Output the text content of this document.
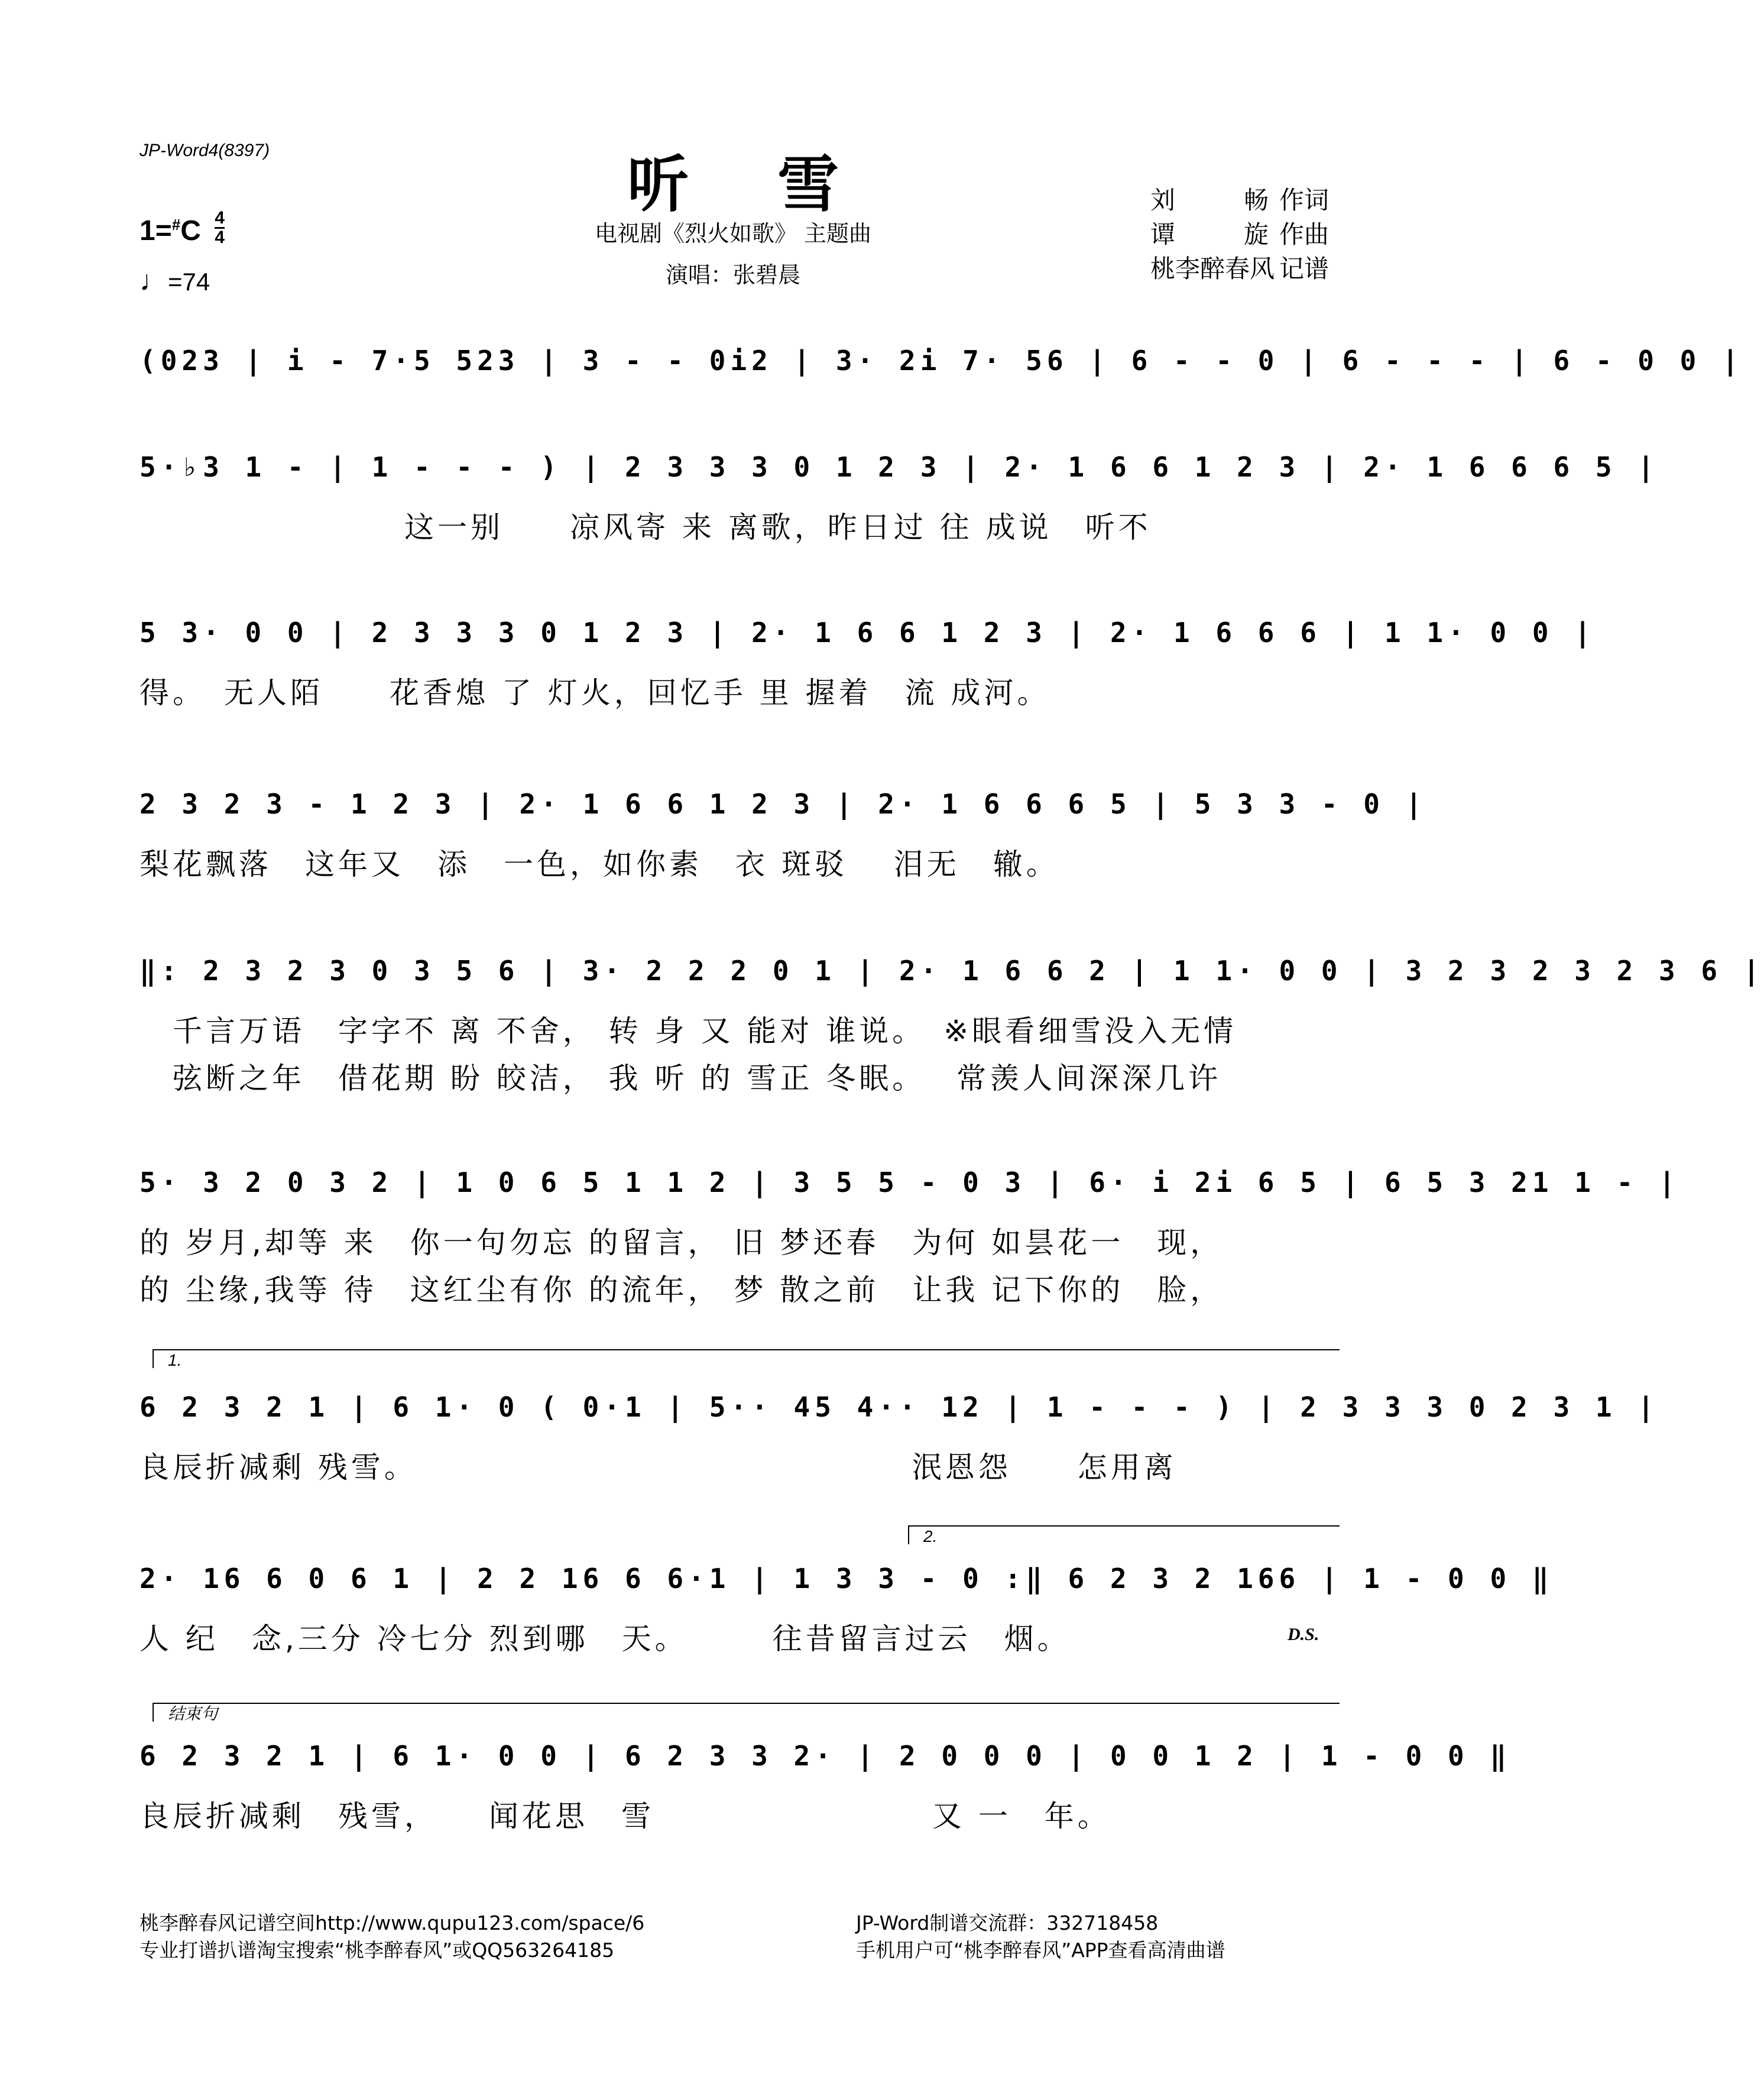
JP-Word4(8397)	听雪
电视剧《烈火如歌》 主题曲
演唱：张碧晨
刘畅 作词
谭旋 作曲
桃李醉春风 记谱
$1=^{\#}C \frac{4}{4}$
♩=74
(023 | i - 7·5 523 | 3 - - 0i2 | 3· 2i 7· 56 | 6 - - 0 | 6 - - - | 6 - 0 0 |
5·♭3 1 - | 1 - - - ) | 2 3 3 3 0 1 2 3 | 2· 1 6 6 1 2 3 | 2· 1 6 6 6 5 |
　　　　　　　　这一别　　凉风寄 来 离歌，昨日过 往 成说　听不
5 3· 0 0 | 2 3 3 3 0 1 2 3 | 2· 1 6 6 1 2 3 | 2· 1 6 6 6 | 1 1· 0 0 |
得。　无人陌　　花香熄 了 灯火，回忆手 里 握着　流 成河。
2 3 2 3 - 1 2 3 | 2· 1 6 6 1 2 3 | 2· 1 6 6 6 5 | 5 3 3 - 0 |
梨花飘落　这年又　添　一色，如你素　衣 斑驳　 泪无　辙。
‖: 2 3 2 3 0 3 5 6 | 3· 2 2 2 0 1 | 2· 1 6 6 2 | 1 1· 0 0 | 3 2 3 2 3 2 3 6 |
　千言万语　字字不 离 不舍， 转 身 又 能对 谁说。　※眼看细雪没入无情
　弦断之年　借花期 盼 皎洁， 我 听 的 雪正 冬眠。　 常羡人间深深几许
5· 3 2 0 3 2 | 1 0 6 5 1 1 2 | 3 5 5 - 0 3 | 6· i 2i 6 5 | 6 5 3 21 1 - |
的 岁月,却等 来　你一句勿忘 的留言， 旧 梦还春　为何 如昙花一　现，
的 尘缘,我等 待　这红尘有你 的流年， 梦 散之前　让我 记下你的　脸，
1.
6 2 3 2 1 | 6 1· 0 ( 0·1 | 5·· 45 4·· 12 | 1 - - - ) | 2 3 3 3 0 2 3 1 |
良辰折减剩 残雪。　　　　　　　　　　　　　　　 泯恩怨　　怎用离
2.
2· 16 6 0 6 1 | 2 2 16 6 6·1 | 1 3 3 - 0 :‖ 6 2 3 2 166 | 1 - 0 0 ‖
人 纪　念,三分 冷七分 烈到哪　天。　　　往昔留言过云　烟。	D.S.
结束句
6 2 3 2 1 | 6 1· 0 0 | 6 2 3 3 2· | 2 0 0 0 | 0 0 1 2 | 1 - 0 0 ‖
良辰折减剩　残雪，　　闻花思　雪　　　　　　　　 又 一　年。
桃李醉春风记谱空间http://www.qupu123.com/space/6
专业打谱扒谱淘宝搜索“桃李醉春风”或QQ563264185
JP-Word制谱交流群：332718458
手机用户可“桃李醉春风”APP查看高清曲谱
